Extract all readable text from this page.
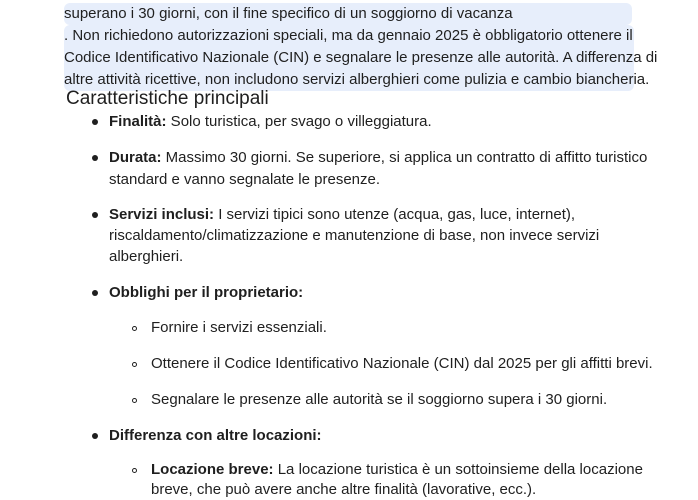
superano i 30 giorni, con il fine specifico di un soggiorno di vacanza
. Non richiedono autorizzazioni speciali, ma da gennaio 2025 è obbligatorio ottenere il
Codice Identificativo Nazionale (CIN) e segnalare le presenze alle autorità. A differenza di
altre attività ricettive, non includono servizi alberghieri come pulizia e cambio biancheria.
Caratteristiche principali
Finalità: Solo turistica, per svago o villeggiatura.
Durata: Massimo 30 giorni. Se superiore, si applica un contratto di affitto turistico
standard e vanno segnalate le presenze.
Servizi inclusi: I servizi tipici sono utenze (acqua, gas, luce, internet),
riscaldamento/climatizzazione e manutenzione di base, non invece servizi
alberghieri.
Obblighi per il proprietario:
Fornire i servizi essenziali.
Ottenere il Codice Identificativo Nazionale (CIN) dal 2025 per gli affitti brevi.
Segnalare le presenze alle autorità se il soggiorno supera i 30 giorni.
Differenza con altre locazioni:
Locazione breve: La locazione turistica è un sottoinsieme della locazione
breve, che può avere anche altre finalità (lavorative, ecc.).
